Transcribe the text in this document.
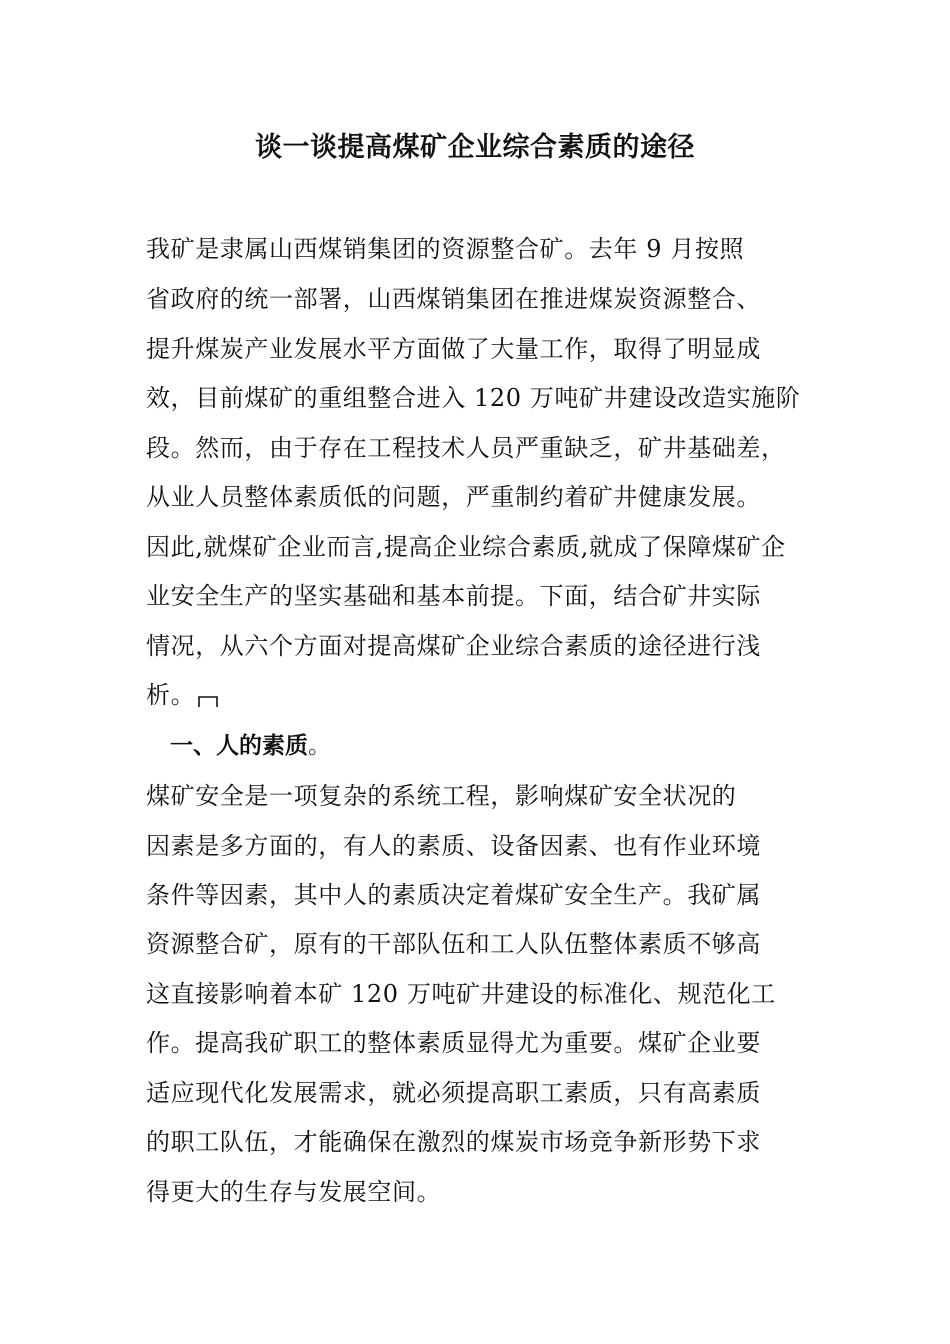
谈一谈提高煤矿企业综合素质的途径
我矿是隶属山西煤销集团的资源整合矿。去年 9 月按照
省政府的统一部署，山西煤销集团在推进煤炭资源整合、
提升煤炭产业发展水平方面做了大量工作，取得了明显成
效，目前煤矿的重组整合进入 120 万吨矿井建设改造实施阶
段。然而，由于存在工程技术人员严重缺乏，矿井基础差，
从业人员整体素质低的问题，严重制约着矿井健康发展。
因此,就煤矿企业而言,提高企业综合素质,就成了保障煤矿企
业安全生产的坚实基础和基本前提。下面，结合矿井实际
情况，从六个方面对提高煤矿企业综合素质的途径进行浅
析。
一、人的素质。
煤矿安全是一项复杂的系统工程，影响煤矿安全状况的
因素是多方面的，有人的素质、设备因素、也有作业环境
条件等因素，其中人的素质决定着煤矿安全生产。我矿属
资源整合矿，原有的干部队伍和工人队伍整体素质不够高
这直接影响着本矿 120 万吨矿井建设的标准化、规范化工
作。提高我矿职工的整体素质显得尤为重要。煤矿企业要
适应现代化发展需求，就必须提高职工素质，只有高素质
的职工队伍，才能确保在激烈的煤炭市场竞争新形势下求
得更大的生存与发展空间。
